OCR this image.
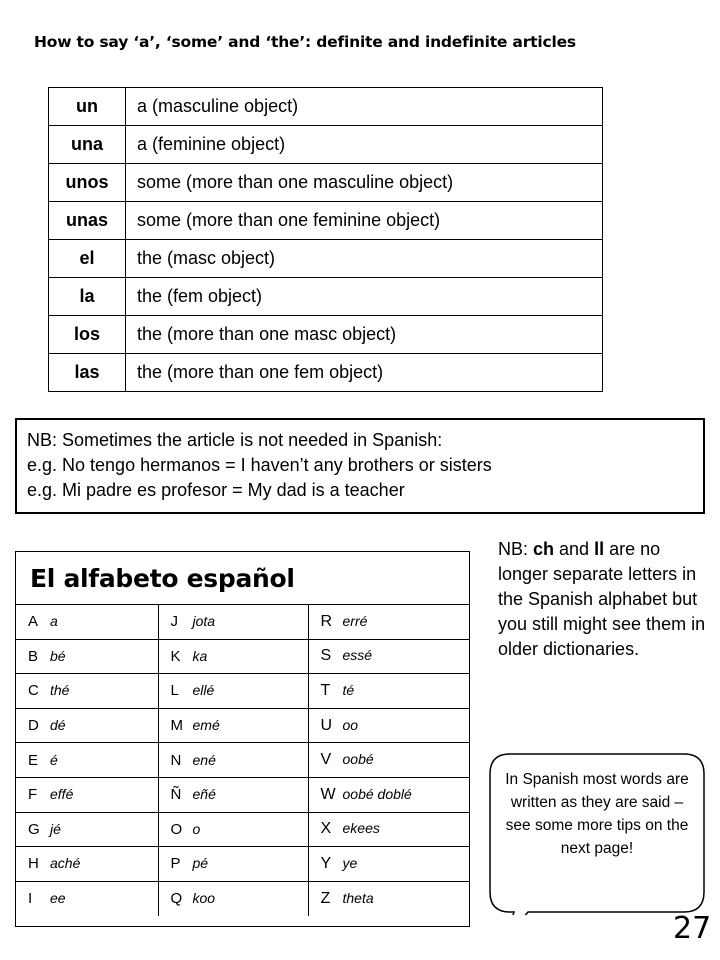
How to say ‘a’, ‘some’ and ‘the’: definite and indefinite articles
un	a (masculine object)
una	a (feminine object)
unos	some (more than one masculine object)
unas	some (more than one feminine object)
el	the (masc object)
la	the (fem object)
los	the (more than one masc object)
las	the (more than one fem object)
NB: Sometimes the article is not needed in Spanish:
e.g. No tengo hermanos = I haven’t any brothers or sisters
e.g. Mi padre es profesor = My dad is a teacher
El alfabeto español
A a	J jota	R erré
B bé	K ka	S essé
C thé	L ellé	T té
D dé	M emé	U oo
E é	N ené	V oobé
F effé	Ñ eñé	W oobé doblé
G jé	O o	X ekees
H aché	P pé	Y ye
I ee	Q koo	Z theta
NB: ch and ll are no longer separate letters in the Spanish alphabet but you still might see them in older dictionaries.
In Spanish most words are written as they are said – see some more tips on the next page!
27
